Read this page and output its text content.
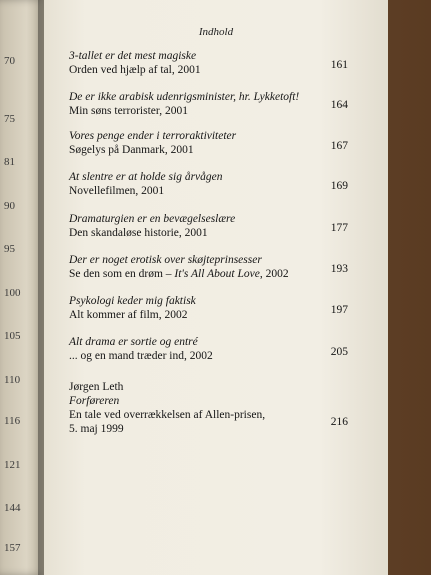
70
75
81
90
95
100
105
110
116
121
144
157
Indhold
3-tallet er det mest magiske
Orden ved hjælp af tal, 2001	161
De er ikke arabisk udenrigsminister, hr. Lykketoft!
Min søns terrorister, 2001	164
Vores penge ender i terroraktiviteter
Søgelys på Danmark, 2001	167
At slentre er at holde sig årvågen
Novellefilmen, 2001	169
Dramaturgien er en bevægelseslære
Den skandaløse historie, 2001	177
Der er noget erotisk over skøjteprinsesser
Se den som en drøm – It's All About Love, 2002	193
Psykologi keder mig faktisk
Alt kommer af film, 2002	197
Alt drama er sortie og entré
... og en mand træder ind, 2002	205
Jørgen Leth
Forføreren
En tale ved overrækkelsen af Allen-prisen,
5. maj 1999
216
